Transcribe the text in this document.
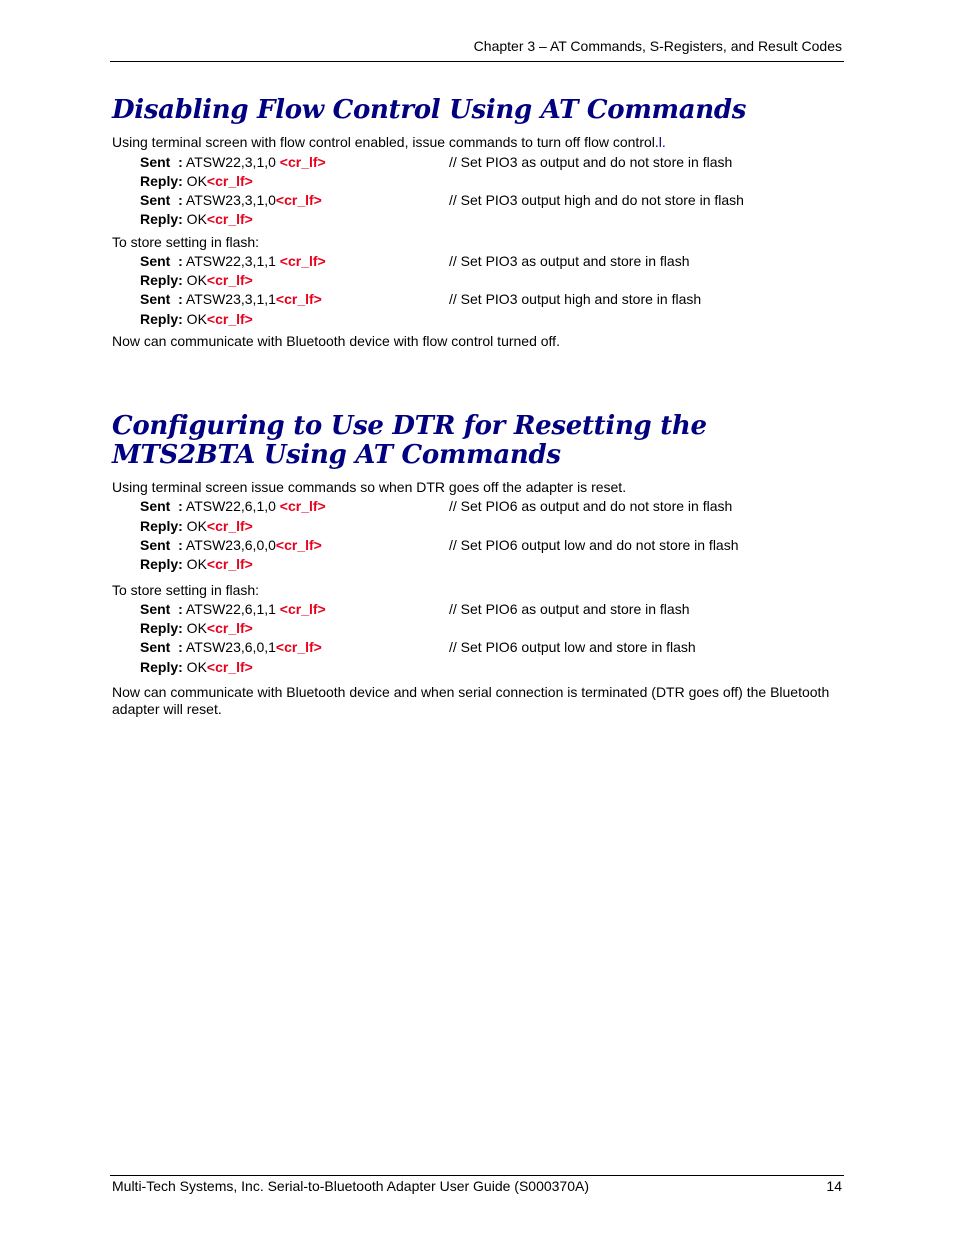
Chapter 3 – AT Commands, S-Registers, and Result Codes
Disabling Flow Control Using AT Commands
Using terminal screen with flow control enabled, issue commands to turn off flow control.l.
Sent  : ATSW22,3,1,0 <cr_lf>	// Set PIO3 as output and do not store in flash
Reply: OK<cr_lf>
Sent  : ATSW23,3,1,0<cr_lf>	// Set PIO3 output high and do not store in flash
Reply: OK<cr_lf>
To store setting in flash:
Sent  : ATSW22,3,1,1 <cr_lf>	// Set PIO3 as output and store in flash
Reply: OK<cr_lf>
Sent  : ATSW23,3,1,1<cr_lf>	// Set PIO3 output high and store in flash
Reply: OK<cr_lf>
Now can communicate with Bluetooth device with flow control turned off.
Configuring to Use DTR for Resetting the
MTS2BTA Using AT Commands
Using terminal screen issue commands so when DTR goes off the adapter is reset.
Sent  : ATSW22,6,1,0 <cr_lf>	// Set PIO6 as output and do not store in flash
Reply: OK<cr_lf>
Sent  : ATSW23,6,0,0<cr_lf>	// Set PIO6 output low and do not store in flash
Reply: OK<cr_lf>
To store setting in flash:
Sent  : ATSW22,6,1,1 <cr_lf>	// Set PIO6 as output and store in flash
Reply: OK<cr_lf>
Sent  : ATSW23,6,0,1<cr_lf>	// Set PIO6 output low and store in flash
Reply: OK<cr_lf>
Now can communicate with Bluetooth device and when serial connection is terminated (DTR goes off) the Bluetooth adapter will reset.
Multi-Tech Systems, Inc. Serial-to-Bluetooth Adapter User Guide (S000370A)	14
